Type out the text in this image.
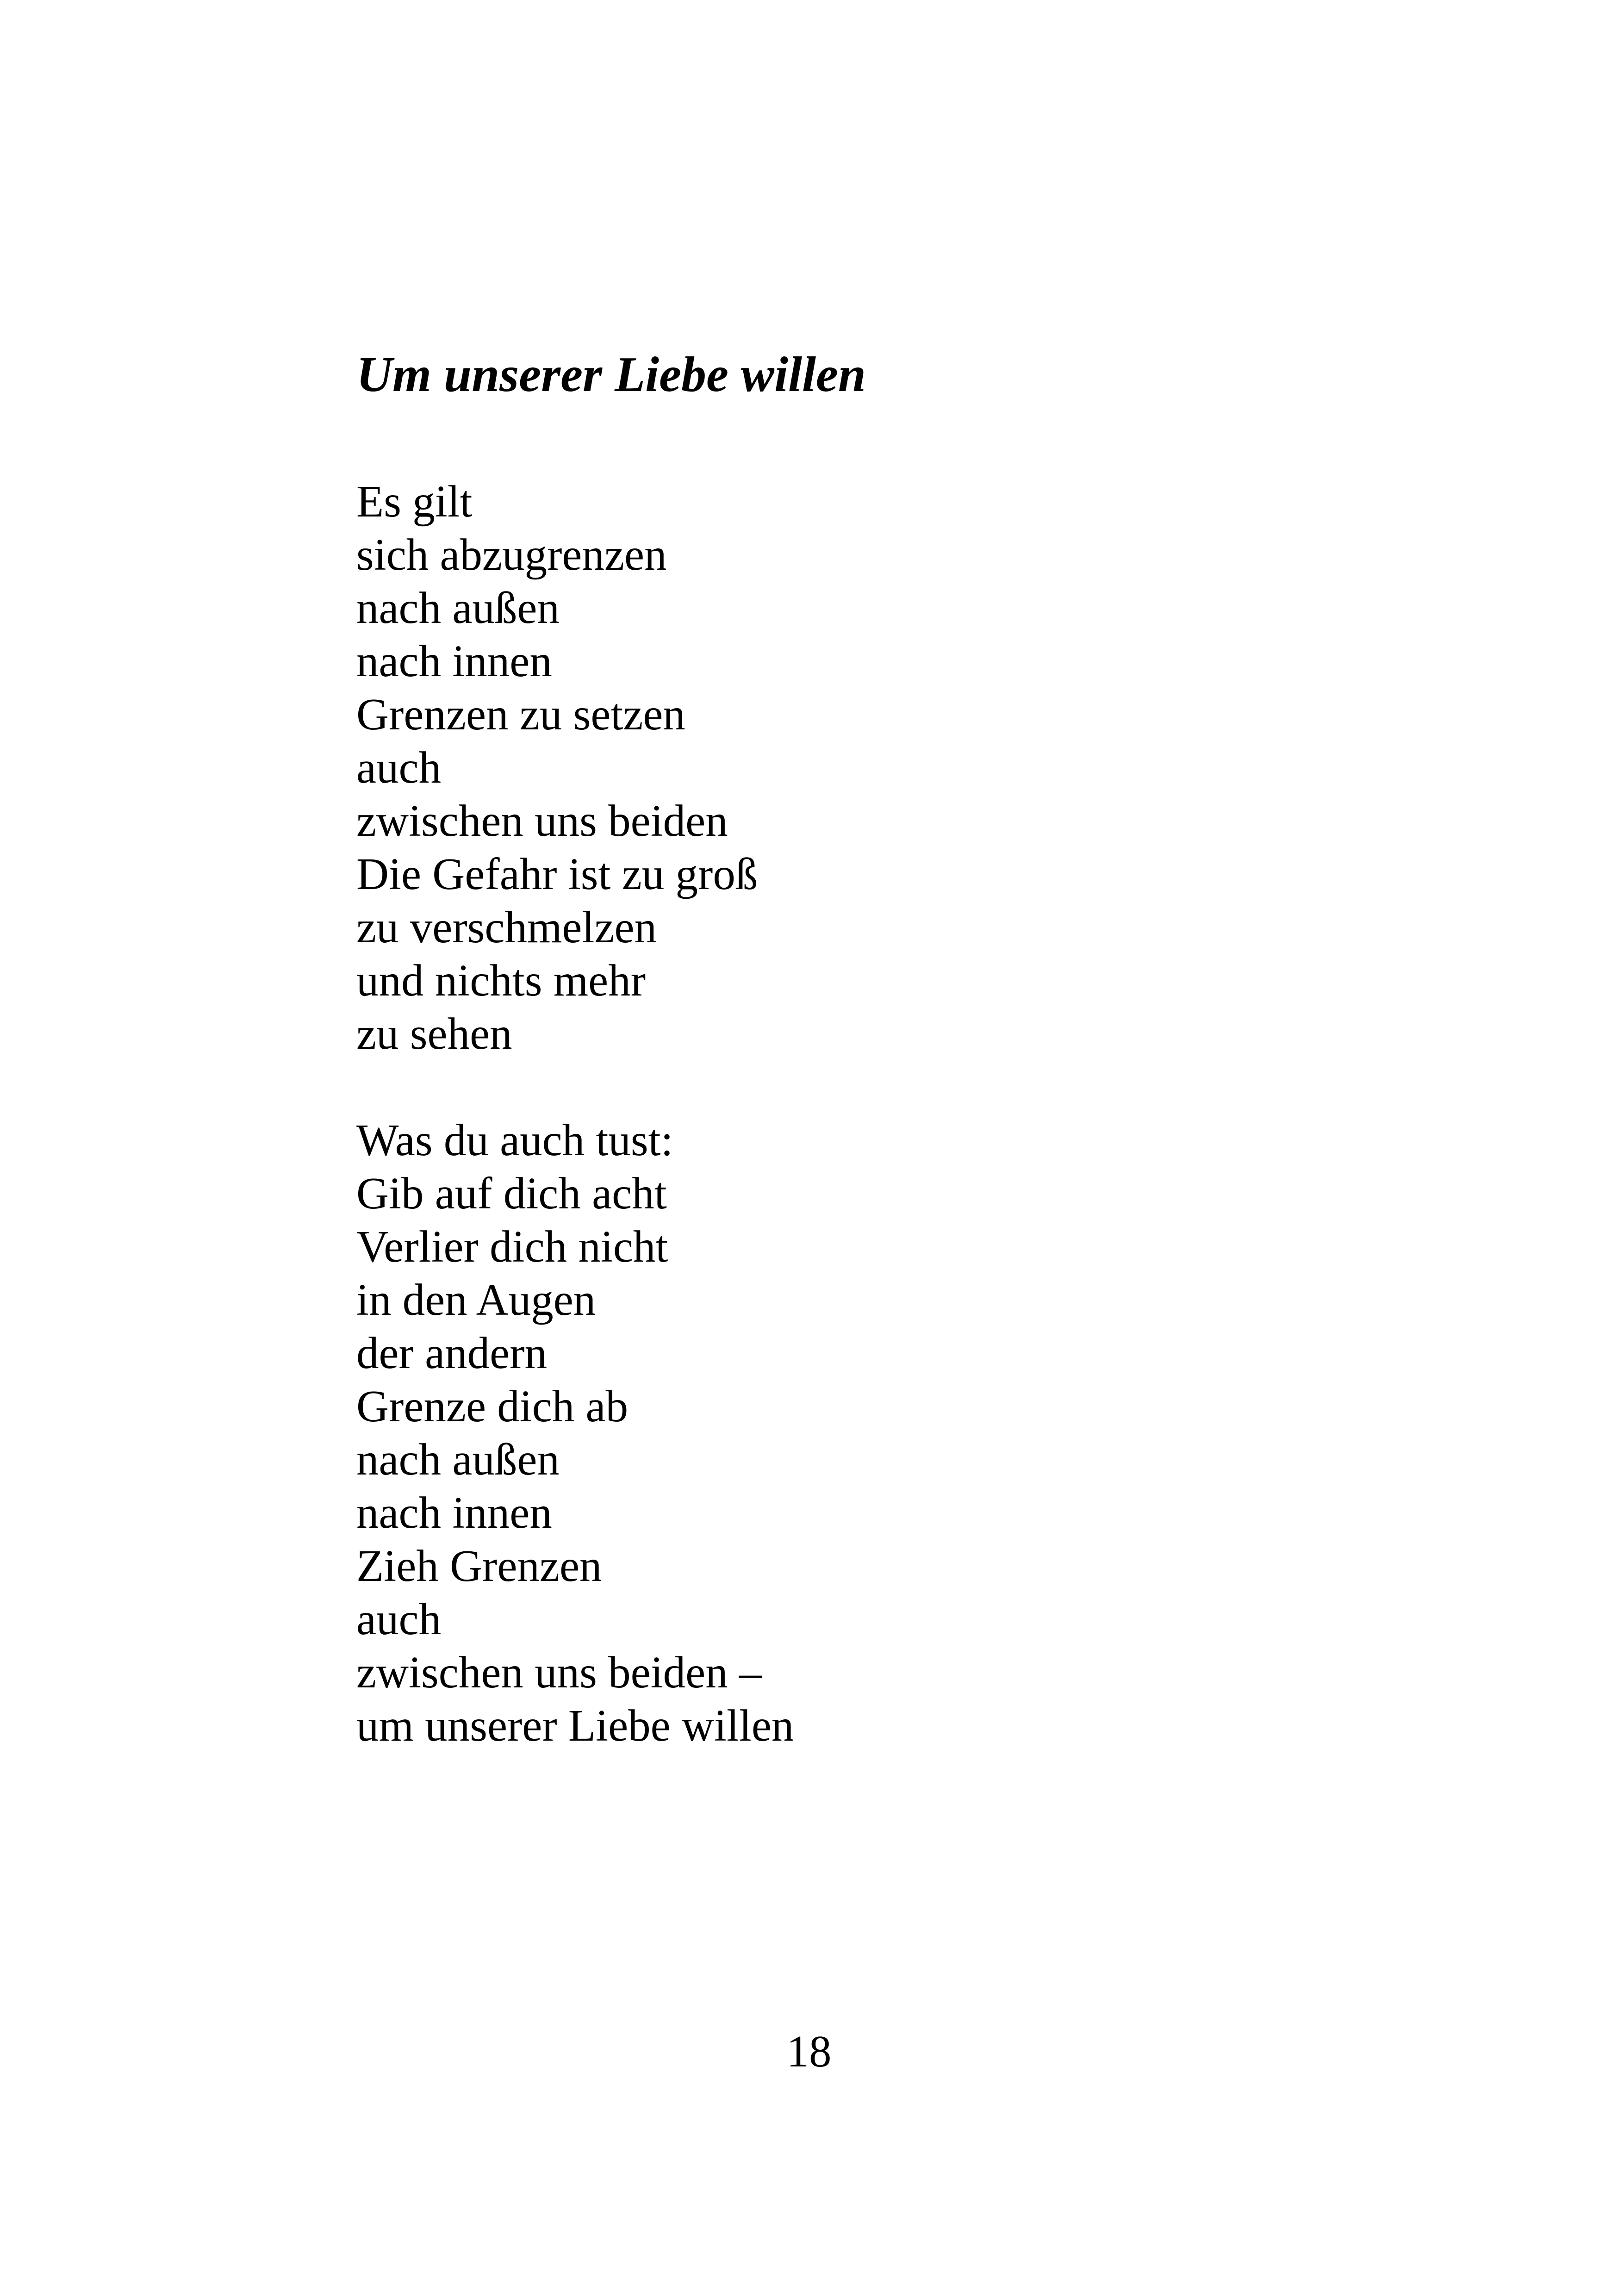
Um unserer Liebe willen
Es gilt
sich abzugrenzen
nach außen
nach innen
Grenzen zu setzen
auch
zwischen uns beiden
Die Gefahr ist zu groß
zu verschmelzen
und nichts mehr
zu sehen
Was du auch tust:
Gib auf dich acht
Verlier dich nicht
in den Augen
der andern
Grenze dich ab
nach außen
nach innen
Zieh Grenzen
auch
zwischen uns beiden –
um unserer Liebe willen
18
